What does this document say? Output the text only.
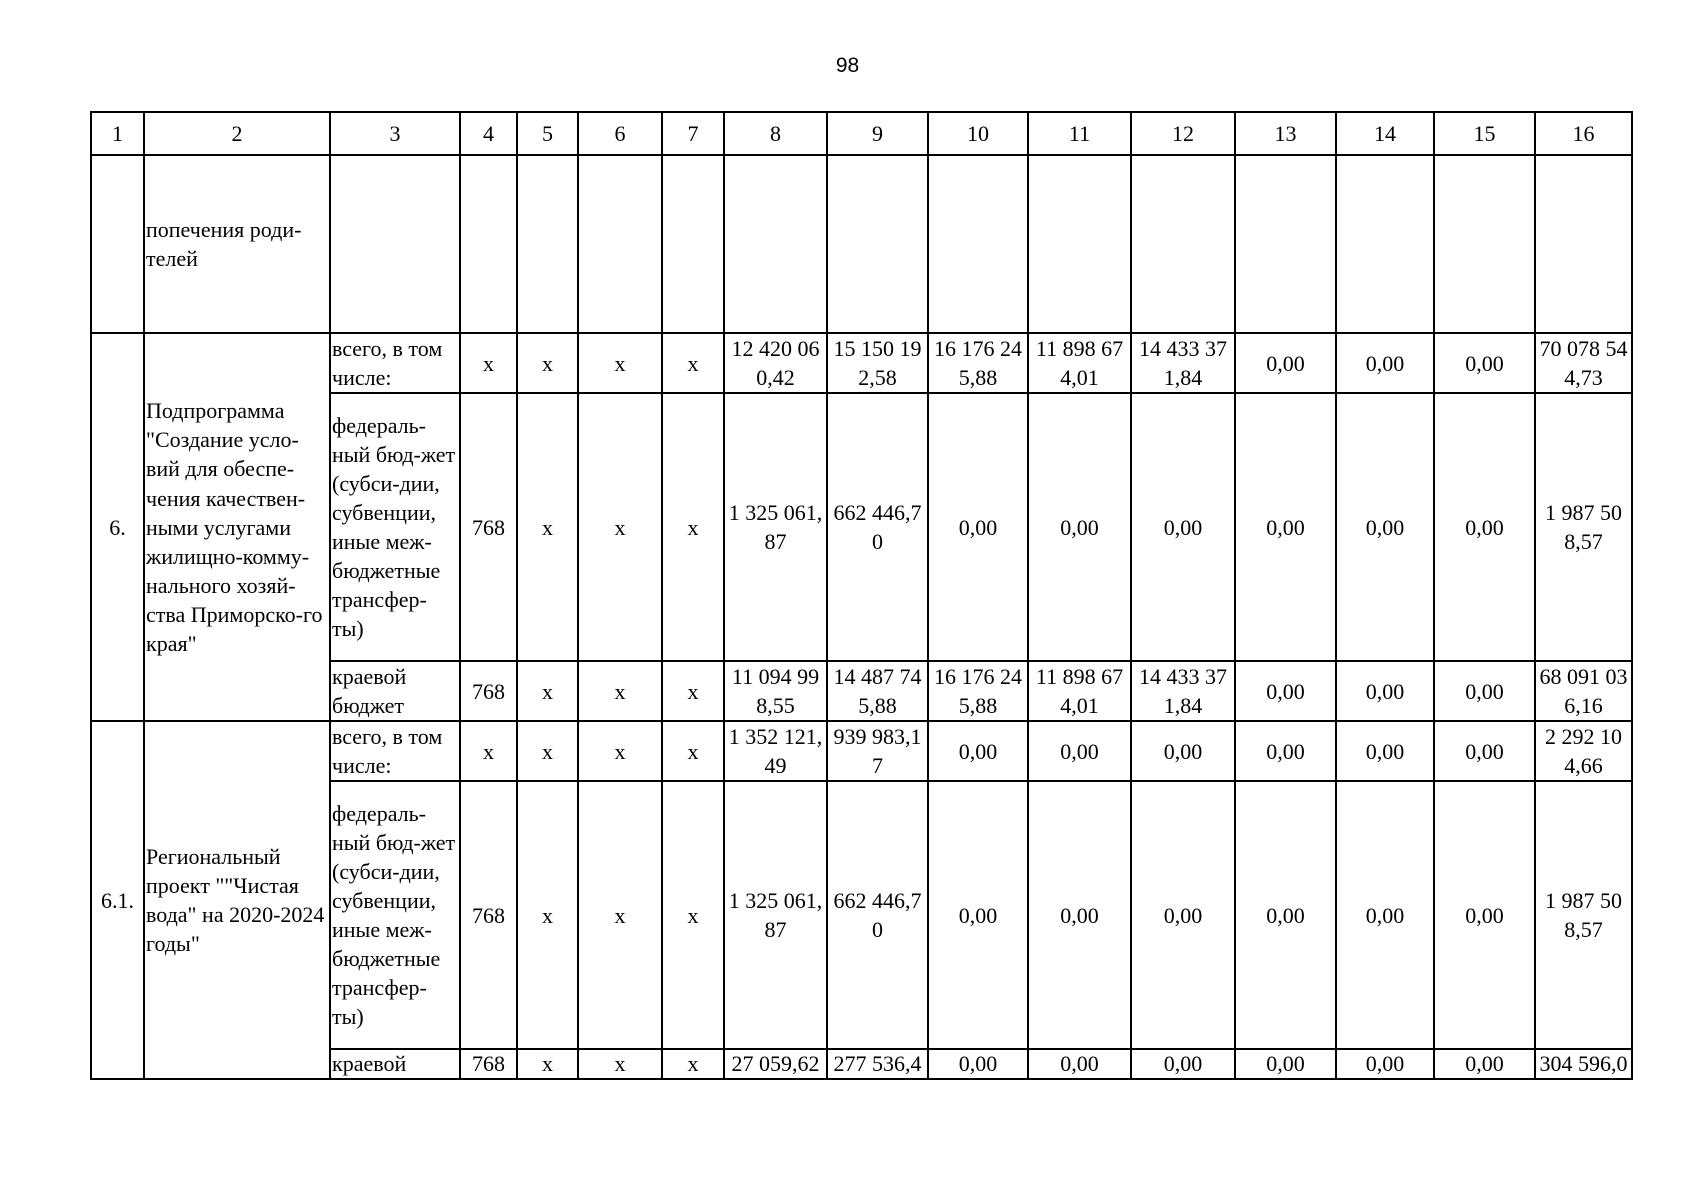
98
1	2	3	4	5	6	7	8	9	10	11	12	13	14	15	16
	попечения роди-телей														
6.	Подпрограмма "Создание усло-вий для обеспе-чения качествен-ными услугами жилищно-комму-нального хозяй-ства Приморско-го края"	всего, в том числе:	x	x	x	x	12 420 060,42	15 150 192,58	16 176 245,88	11 898 674,01	14 433 371,84	0,00	0,00	0,00	70 078 544,73
		федераль-ный бюд-жет (субси-дии, субвенции, иные меж-бюджетные трансфер-ты)	768	x	x	x	1 325 061,87	662 446,70	0,00	0,00	0,00	0,00	0,00	0,00	1 987 508,57
		краевой бюджет	768	x	x	x	11 094 998,55	14 487 745,88	16 176 245,88	11 898 674,01	14 433 371,84	0,00	0,00	0,00	68 091 036,16
6.1.	Региональный проект ""Чистая вода" на 2020-2024 годы"	всего, в том числе:	x	x	x	x	1 352 121,49	939 983,17	0,00	0,00	0,00	0,00	0,00	0,00	2 292 104,66
		федераль-ный бюд-жет (субси-дии, субвенции, иные меж-бюджетные трансфер-ты)	768	x	x	x	1 325 061,87	662 446,70	0,00	0,00	0,00	0,00	0,00	0,00	1 987 508,57
		краевой	768	x	x	x	27 059,62	277 536,4	0,00	0,00	0,00	0,00	0,00	0,00	304 596,0
